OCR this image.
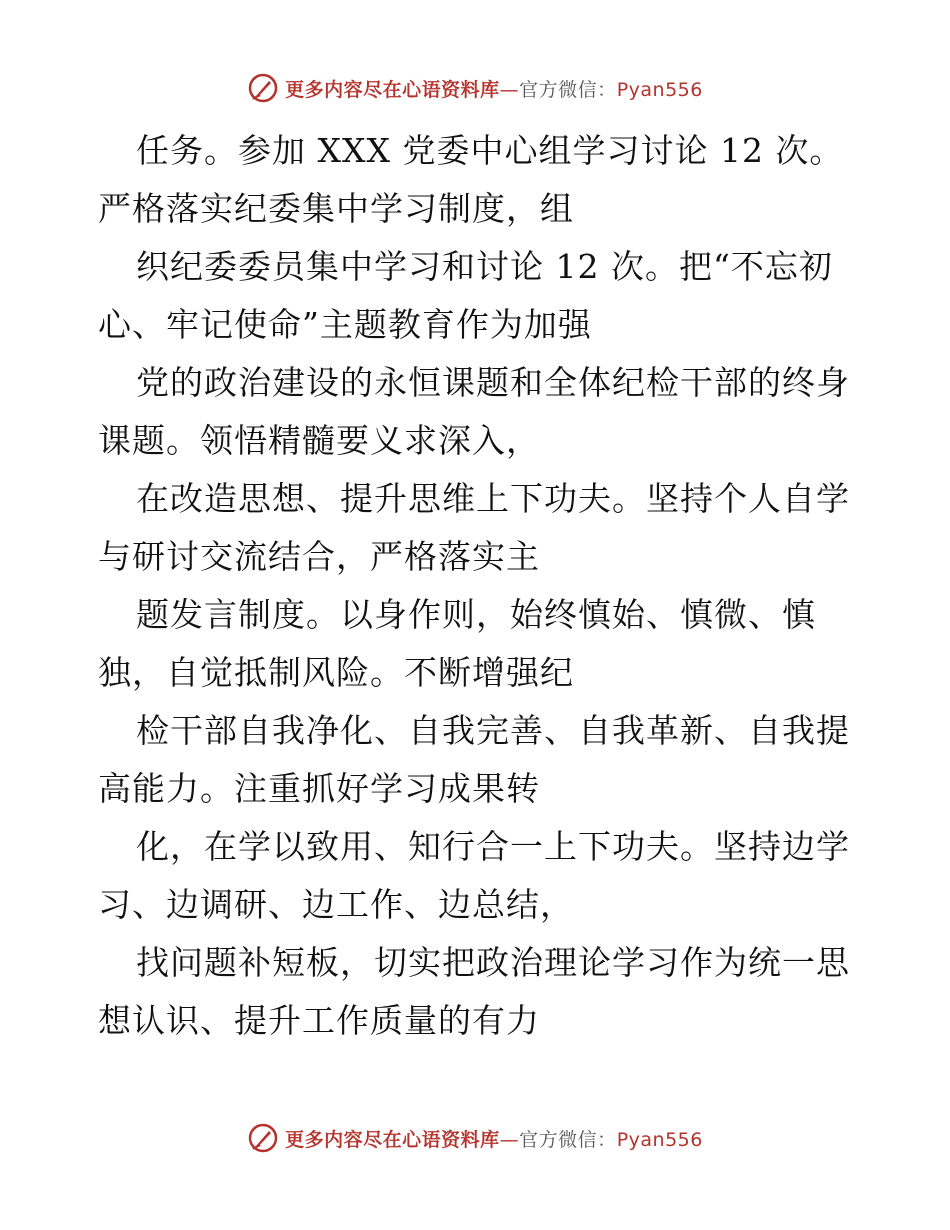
更多内容尽在心语资料库—官方微信：Pyan556

任务。参加 XXX 党委中心组学习讨论 12 次。
严格落实纪委集中学习制度，组

织纪委委员集中学习和讨论 12 次。把“不忘初
心、牢记使命”主题教育作为加强

党的政治建设的永恒课题和全体纪检干部的终身
课题。领悟精髓要义求深入，

在改造思想、提升思维上下功夫。坚持个人自学
与研讨交流结合，严格落实主

题发言制度。以身作则，始终慎始、慎微、慎
独，自觉抵制风险。不断增强纪

检干部自我净化、自我完善、自我革新、自我提
高能力。注重抓好学习成果转

化，在学以致用、知行合一上下功夫。坚持边学
习、边调研、边工作、边总结，

找问题补短板，切实把政治理论学习作为统一思
想认识、提升工作质量的有力

更多内容尽在心语资料库—官方微信：Pyan556
